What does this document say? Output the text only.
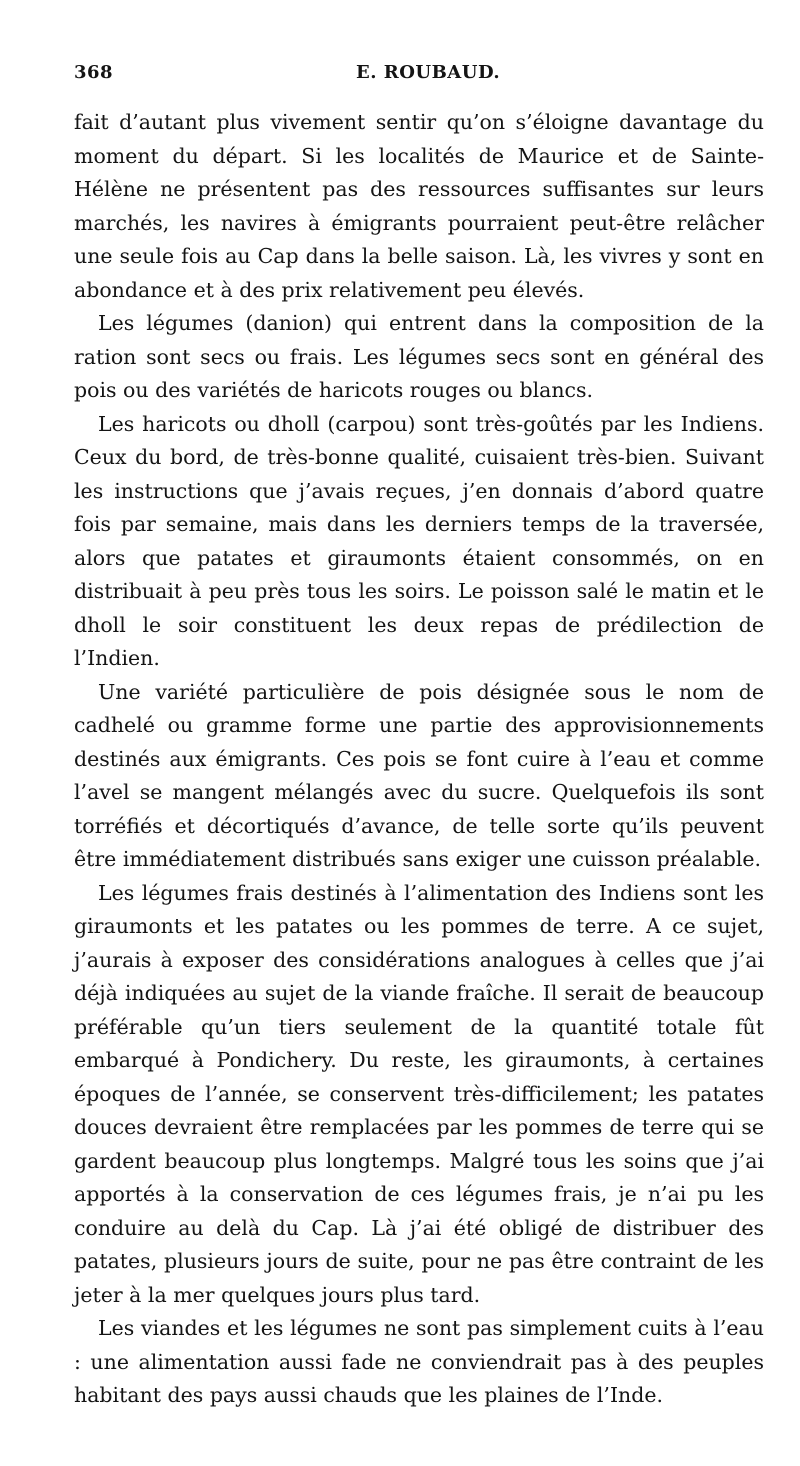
368	E. ROUBAUD.

fait d’autant plus vivement sentir qu’on s’éloigne davantage du moment du départ. Si les localités de Maurice et de Sainte-Hélène ne présentent pas des ressources suffisantes sur leurs marchés, les navires à émigrants pourraient peut-être relâcher une seule fois au Cap dans la belle saison. Là, les vivres y sont en abondance et à des prix relativement peu élevés.

Les légumes (danion) qui entrent dans la composition de la ration sont secs ou frais. Les légumes secs sont en général des pois ou des variétés de haricots rouges ou blancs.

Les haricots ou dholl (carpou) sont très-goûtés par les Indiens. Ceux du bord, de très-bonne qualité, cuisaient très-bien. Suivant les instructions que j’avais reçues, j’en donnais d’abord quatre fois par semaine, mais dans les derniers temps de la traversée, alors que patates et giraumonts étaient consommés, on en distribuait à peu près tous les soirs. Le poisson salé le matin et le dholl le soir constituent les deux repas de prédilection de l’Indien.

Une variété particulière de pois désignée sous le nom de cadhelé ou gramme forme une partie des approvisionnements destinés aux émigrants. Ces pois se font cuire à l’eau et comme l’avel se mangent mélangés avec du sucre. Quelquefois ils sont torréfiés et décortiqués d’avance, de telle sorte qu’ils peuvent être immédiatement distribués sans exiger une cuisson préalable.

Les légumes frais destinés à l’alimentation des Indiens sont les giraumonts et les patates ou les pommes de terre. A ce sujet, j’aurais à exposer des considérations analogues à celles que j’ai déjà indiquées au sujet de la viande fraîche. Il serait de beaucoup préférable qu’un tiers seulement de la quantité totale fût embarqué à Pondichery. Du reste, les giraumonts, à certaines époques de l’année, se conservent très-difficilement; les patates douces devraient être remplacées par les pommes de terre qui se gardent beaucoup plus longtemps. Malgré tous les soins que j’ai apportés à la conservation de ces légumes frais, je n’ai pu les conduire au delà du Cap. Là j’ai été obligé de distribuer des patates, plusieurs jours de suite, pour ne pas être contraint de les jeter à la mer quelques jours plus tard.

Les viandes et les légumes ne sont pas simplement cuits à l’eau : une alimentation aussi fade ne conviendrait pas à des peuples habitant des pays aussi chauds que les plaines de l’Inde.
